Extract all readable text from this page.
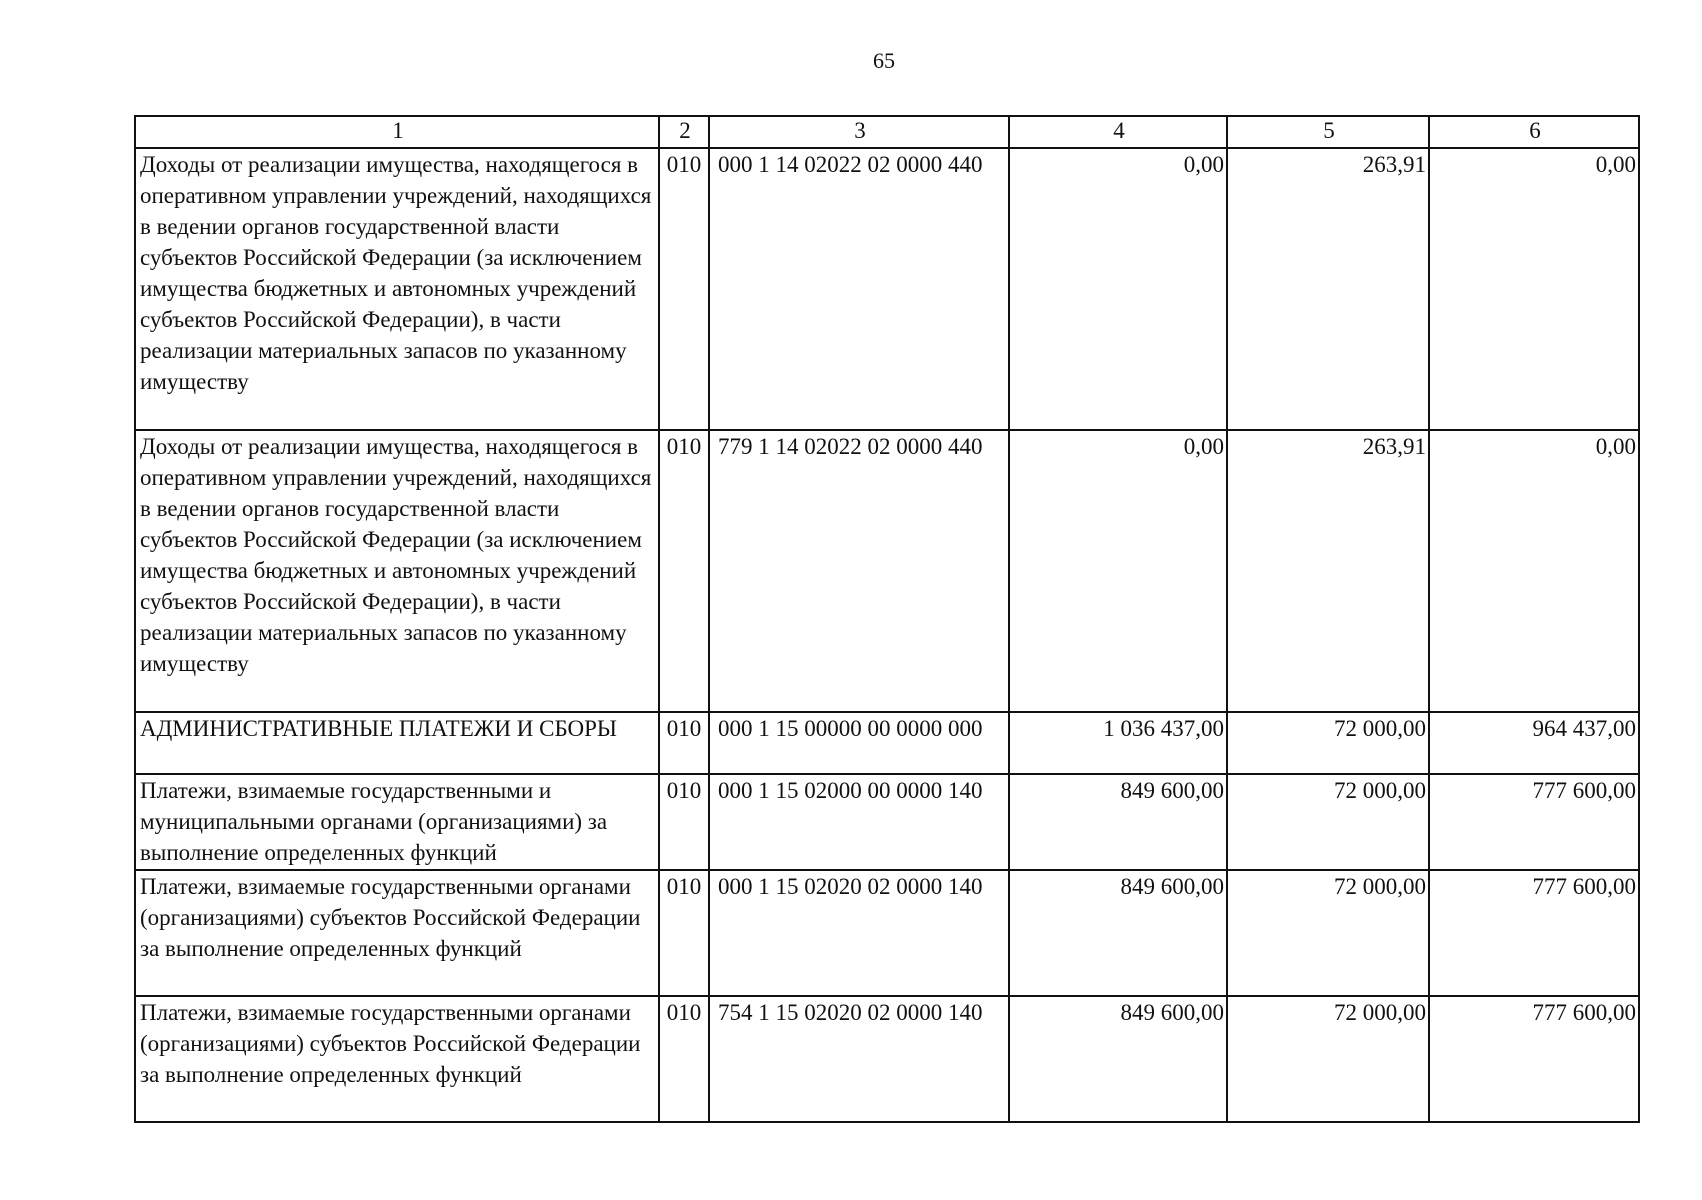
65
1	2	3	4	5	6
Доходы от реализации имущества, находящегося в оперативном управлении учреждений, находящихся в ведении органов государственной власти субъектов Российской Федерации (за исключением имущества бюджетных и автономных учреждений субъектов Российской Федерации), в части реализации материальных запасов по указанному имуществу	010	000 1 14 02022 02 0000 440	0,00	263,91	0,00
Доходы от реализации имущества, находящегося в оперативном управлении учреждений, находящихся в ведении органов государственной власти субъектов Российской Федерации (за исключением имущества бюджетных и автономных учреждений субъектов Российской Федерации), в части реализации материальных запасов по указанному имуществу	010	779 1 14 02022 02 0000 440	0,00	263,91	0,00
АДМИНИСТРАТИВНЫЕ ПЛАТЕЖИ И СБОРЫ	010	000 1 15 00000 00 0000 000	1 036 437,00	72 000,00	964 437,00
Платежи, взимаемые государственными и муниципальными органами (организациями) за выполнение определенных функций	010	000 1 15 02000 00 0000 140	849 600,00	72 000,00	777 600,00
Платежи, взимаемые государственными органами (организациями) субъектов Российской Федерации за выполнение определенных функций	010	000 1 15 02020 02 0000 140	849 600,00	72 000,00	777 600,00
Платежи, взимаемые государственными органами (организациями) субъектов Российской Федерации за выполнение определенных функций	010	754 1 15 02020 02 0000 140	849 600,00	72 000,00	777 600,00
